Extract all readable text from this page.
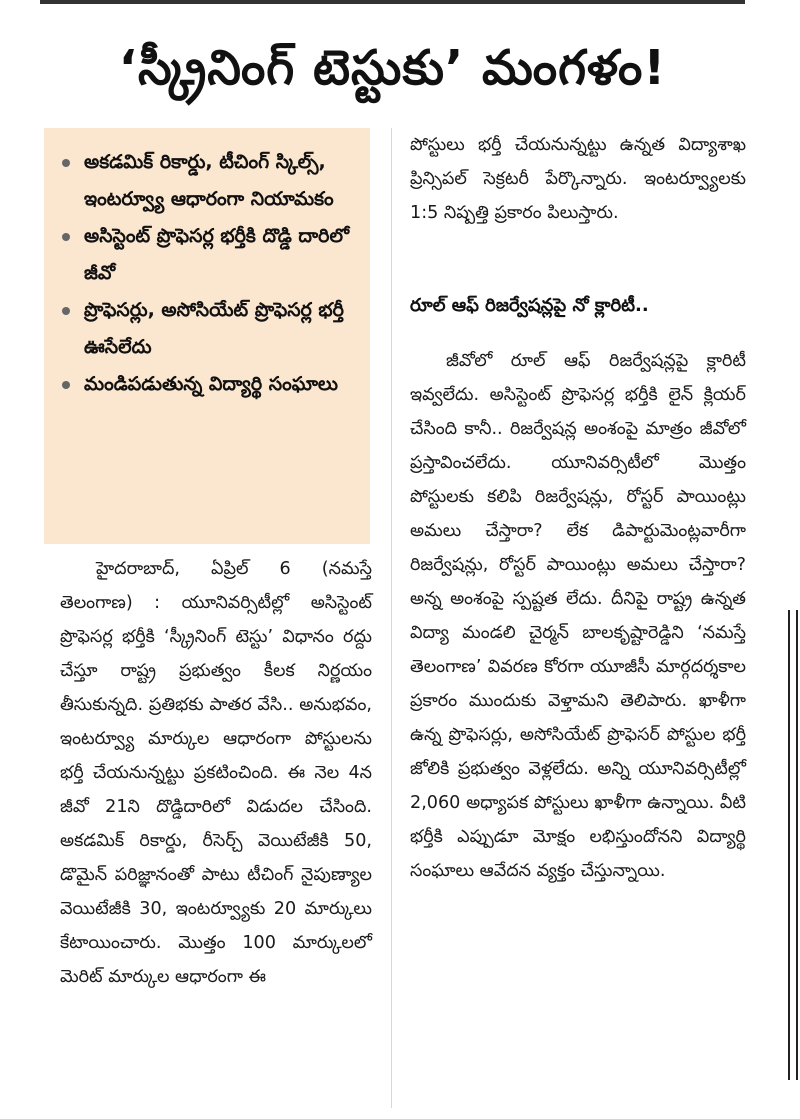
‘స్క్రీనింగ్ టెస్టుకు’ మంగళం!
అకడమిక్ రికార్డు, టీచింగ్ స్కిల్స్, ఇంటర్వ్యూ ఆధారంగా నియామకం
అసిస్టెంట్ ప్రొఫెసర్ల భర్తీకి దొడ్డి దారిలో జీవో
ప్రొఫెసర్లు, అసోసియేట్ ప్రొఫెసర్ల భర్తీ ఊసేలేదు
మండిపడుతున్న విద్యార్థి సంఘాలు

హైదరాబాద్, ఏప్రిల్ 6 (నమస్తే తెలంగాణ) : యూనివర్సిటీల్లో అసిస్టెంట్ ప్రొఫెసర్ల భర్తీకి ‘స్క్రీనింగ్ టెస్టు’ విధానం రద్దు చేస్తూ రాష్ట్ర ప్రభుత్వం కీలక నిర్ణయం తీసుకున్నది. ప్రతిభకు పాతర వేసి.. అనుభవం, ఇంటర్వ్యూ మార్కుల ఆధారంగా పోస్టులను భర్తీ చేయనున్నట్టు ప్రకటించింది. ఈ నెల 4న జీవో 21ని దొడ్డిదారిలో విడుదల చేసింది. అకడమిక్ రికార్డు, రీసెర్చ్ వెయిటేజీకి 50, డొమైన్ పరిజ్ఞానంతో పాటు టీచింగ్ నైపుణ్యాల వెయిటేజీకి 30, ఇంటర్వ్యూకు 20 మార్కులు కేటాయించారు. మొత్తం 100 మార్కులలో మెరిట్ మార్కుల ఆధారంగా ఈ

పోస్టులు భర్తీ చేయనున్నట్టు ఉన్నత విద్యాశాఖ ప్రిన్సిపల్ సెక్రటరీ పేర్కొన్నారు. ఇంటర్వ్యూలకు 1:5 నిష్పత్తి ప్రకారం పిలుస్తారు.

రూల్ ఆఫ్ రిజర్వేషన్లపై నో క్లారిటీ..

జీవోలో రూల్ ఆఫ్ రిజర్వేషన్లపై క్లారిటీ ఇవ్వలేదు. అసిస్టెంట్ ప్రొఫెసర్ల భర్తీకి లైన్ క్లియర్ చేసింది కానీ.. రిజర్వేషన్ల అంశంపై మాత్రం జీవోలో ప్రస్తావించలేదు. యూనివర్సిటీలో మొత్తం పోస్టులకు కలిపి రిజర్వేషన్లు, రోస్టర్ పాయింట్లు అమలు చేస్తారా? లేక డిపార్టుమెంట్లవారీగా రిజర్వేషన్లు, రోస్టర్ పాయింట్లు అమలు చేస్తారా? అన్న అంశంపై స్పష్టత లేదు. దీనిపై రాష్ట్ర ఉన్నత విద్యా మండలి చైర్మన్ బాలకృష్టారెడ్డిని ‘నమస్తే తెలంగాణ’ వివరణ కోరగా యూజీసీ మార్గదర్శకాల ప్రకారం ముందుకు వెళ్తామని తెలిపారు. ఖాళీగా ఉన్న ప్రొఫెసర్లు, అసోసియేట్ ప్రొఫెసర్ పోస్టుల భర్తీ జోలికి ప్రభుత్వం వెళ్లలేదు. అన్ని యూనివర్సిటీల్లో 2,060 అధ్యాపక పోస్టులు ఖాళీగా ఉన్నాయి. వీటి భర్తీకి ఎప్పుడూ మోక్షం లభిస్తుందోనని విద్యార్థి సంఘాలు ఆవేదన వ్యక్తం చేస్తున్నాయి.
